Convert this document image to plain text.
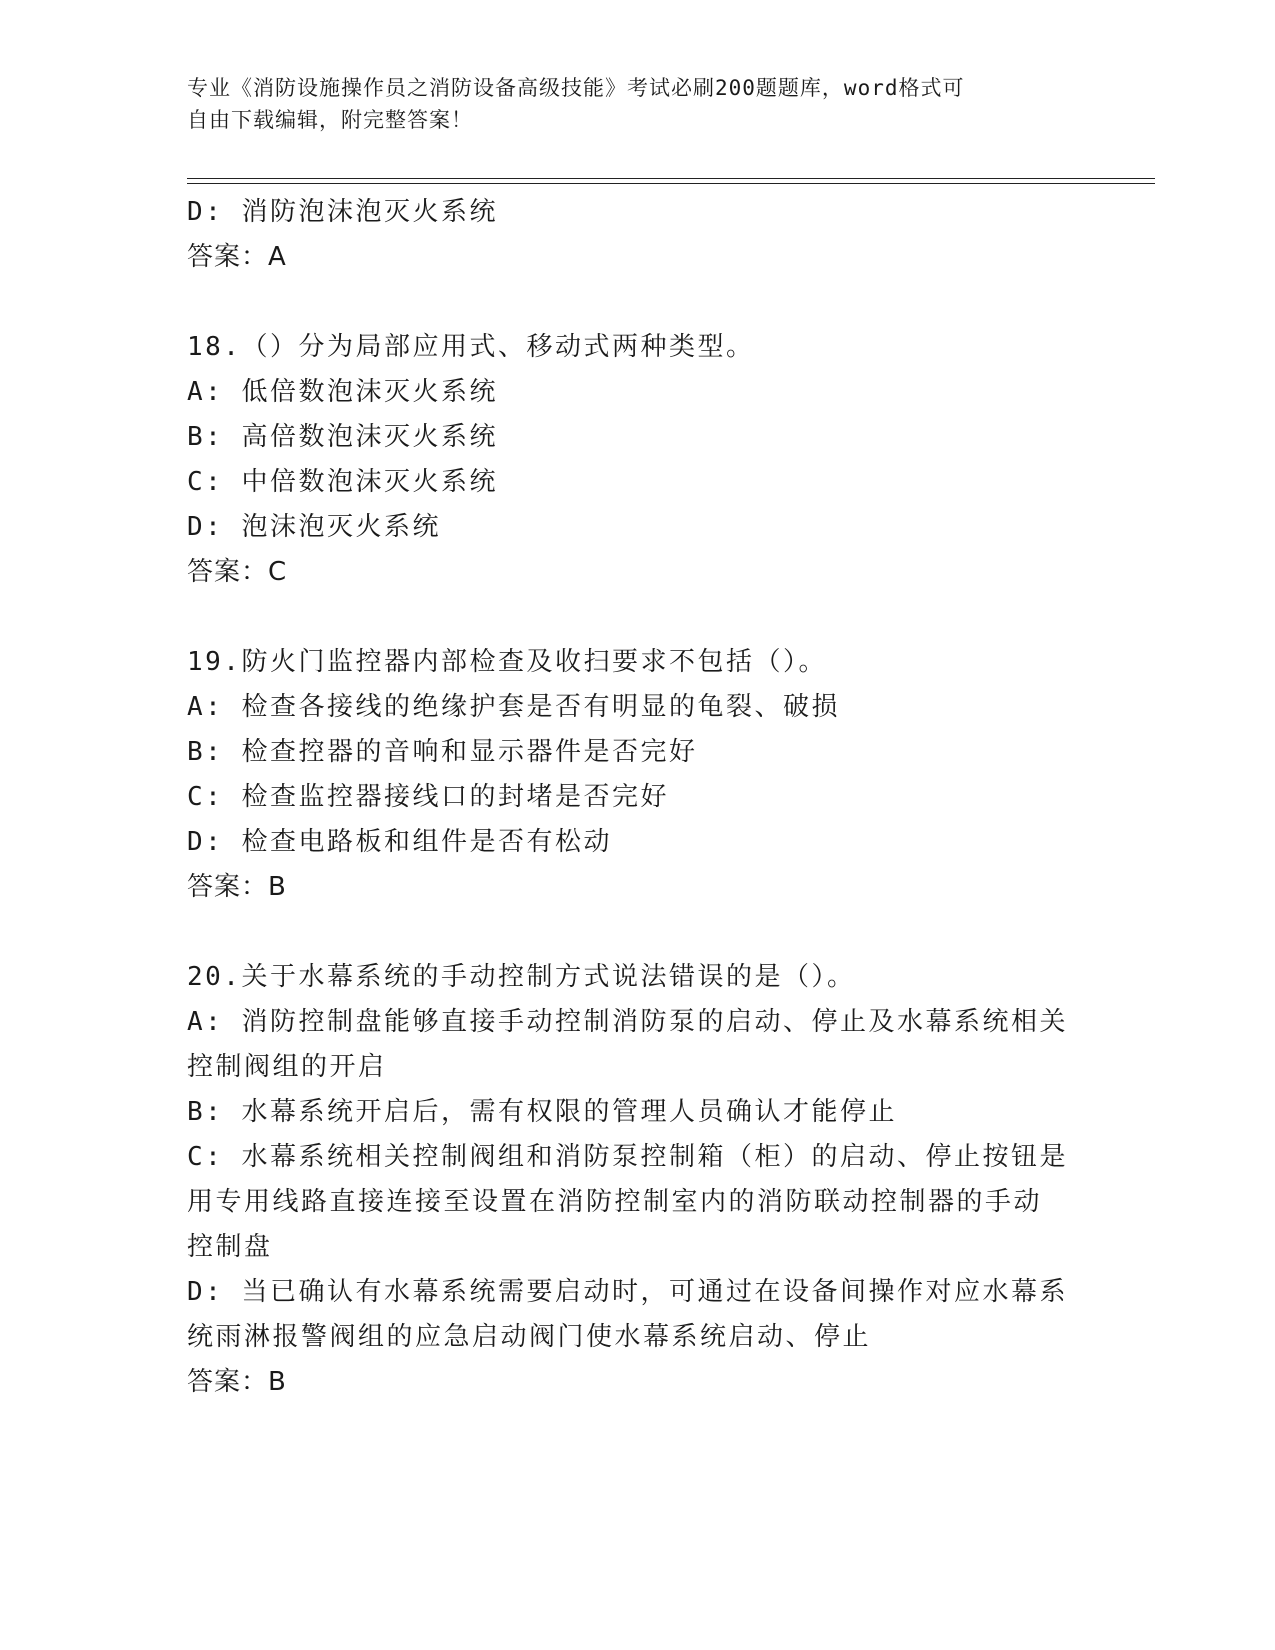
专业《消防设施操作员之消防设备高级技能》考试必刷200题题库，word格式可
自由下载编辑，附完整答案！
D: 消防泡沫泡灭火系统
答案：A
18.（）分为局部应用式、移动式两种类型。
A: 低倍数泡沫灭火系统
B: 高倍数泡沫灭火系统
C: 中倍数泡沫灭火系统
D: 泡沫泡灭火系统
答案：C
19.防火门监控器内部检查及收扫要求不包括（）。
A: 检查各接线的绝缘护套是否有明显的龟裂、破损
B: 检查控器的音响和显示器件是否完好
C: 检查监控器接线口的封堵是否完好
D: 检查电路板和组件是否有松动
答案：B
20.关于水幕系统的手动控制方式说法错误的是（）。
A: 消防控制盘能够直接手动控制消防泵的启动、停止及水幕系统相关
控制阀组的开启
B: 水幕系统开启后，需有权限的管理人员确认才能停止
C: 水幕系统相关控制阀组和消防泵控制箱（柜）的启动、停止按钮是
用专用线路直接连接至设置在消防控制室内的消防联动控制器的手动
控制盘
D: 当已确认有水幕系统需要启动时，可通过在设备间操作对应水幕系
统雨淋报警阀组的应急启动阀门使水幕系统启动、停止
答案：B
